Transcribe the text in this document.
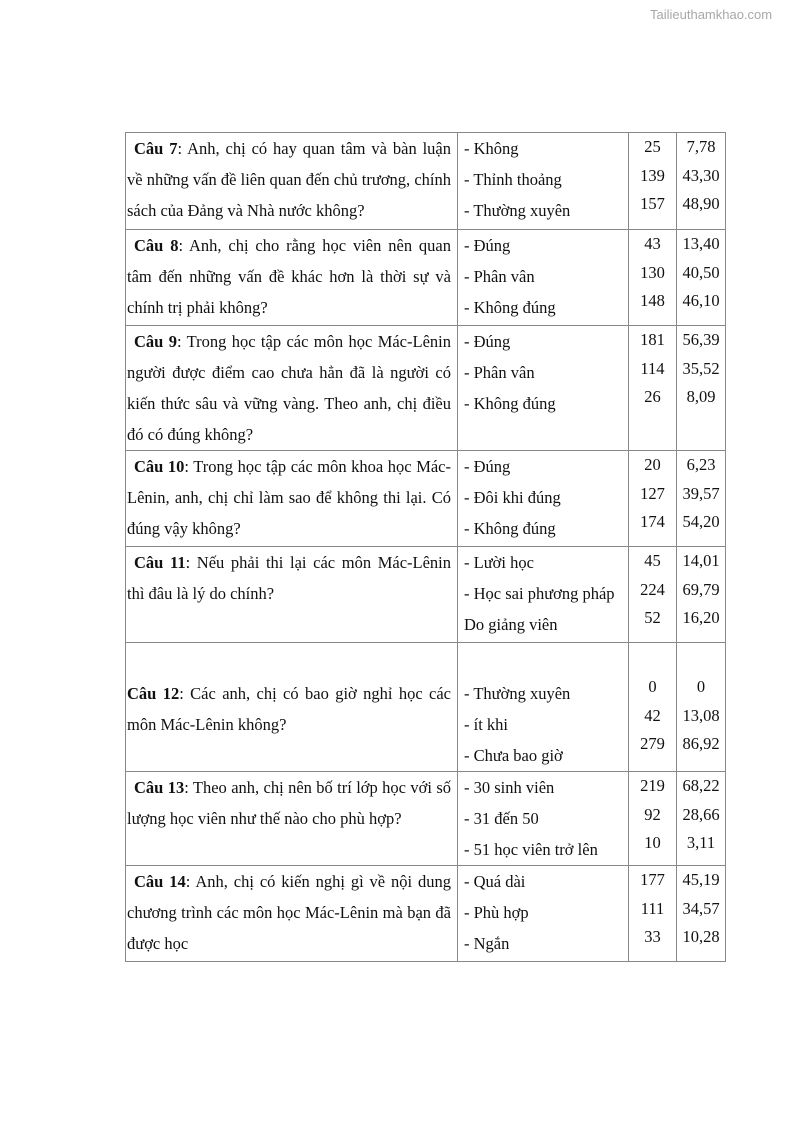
Tailieuthamkhao.com
Câu 7: Anh, chị có hay quan tâm và bàn luận về những vấn đề liên quan đến chủ trương, chính sách của Đảng và Nhà nước không?	- Không
- Thỉnh thoảng
- Thường xuyên	25
139
157	7,78
43,30
48,90

Câu 8: Anh, chị cho rằng học viên nên quan tâm đến những vấn đề khác hơn là thời sự và chính trị phải không?	- Đúng
- Phân vân
- Không đúng	43
130
148	13,40
40,50
46,10

Câu 9: Trong học tập các môn học Mác-Lênin người được điểm cao chưa hẳn đã là người có kiến thức sâu và vững vàng. Theo anh, chị điều đó có đúng không?	- Đúng
- Phân vân
- Không đúng	181
114
26	56,39
35,52
8,09

Câu 10: Trong học tập các môn khoa học Mác-Lênin, anh, chị chỉ làm sao để không thi lại. Có đúng vậy không?	- Đúng
- Đôi khi đúng
- Không đúng	20
127
174	6,23
39,57
54,20

Câu 11: Nếu phải thi lại các môn Mác-Lênin thì đâu là lý do chính?	- Lười học
- Học sai phương pháp Do giảng viên	45
224
52	14,01
69,79
16,20

Câu 12: Các anh, chị có bao giờ nghỉ học các môn Mác-Lênin không?	- Thường xuyên
- ít khi
- Chưa bao giờ	0
42
279	0
13,08
86,92

Câu 13: Theo anh, chị nên bố trí lớp học với số lượng học viên như thế nào cho phù hợp?	- 30 sinh viên
- 31 đến 50
- 51 học viên trở lên	219
92
10	68,22
28,66
3,11

Câu 14: Anh, chị có kiến nghị gì về nội dung chương trình các môn học Mác-Lênin mà bạn đã được học	- Quá dài
- Phù hợp
- Ngắn	177
111
33	45,19
34,57
10,28
